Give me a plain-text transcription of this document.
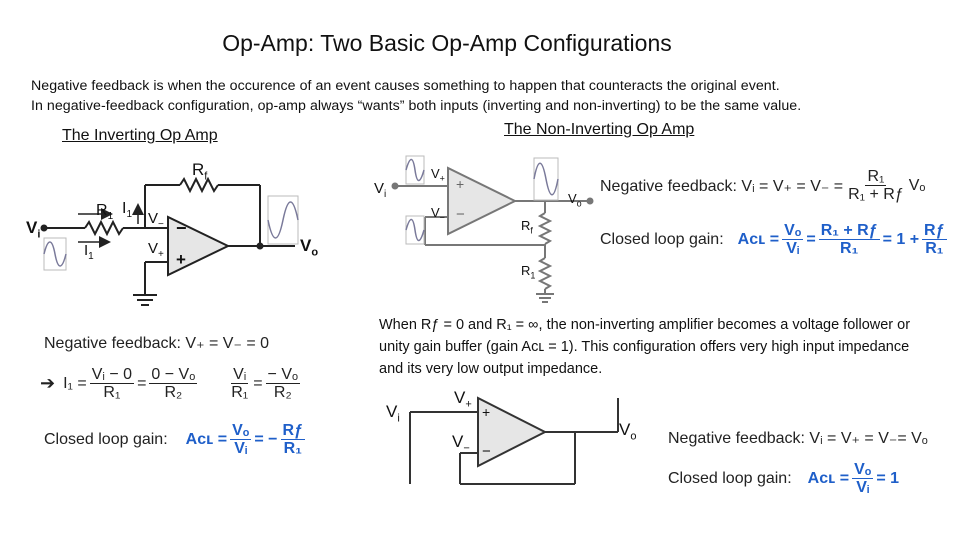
Op-Amp: Two Basic Op-Amp Configurations
Negative feedback is when the occurence of an event causes something to happen that counteracts the original event.
In negative-feedback configuration, op-amp always “wants” both inputs (inverting and non-inverting) to be the same value.
The Inverting Op Amp	The Non-Inverting Op Amp
$R_f$
$R_1$ $I_1$ $V_-$
$V_+$
−
+
$V_i$
$V_o$
$I_1$
Negative feedback: V₊ = V₋ = 0
➔ $I_1 = \frac{\text{Vᵢ − 0}}{\text{R₁}} = \frac{\text{0 − Vₒ}}{\text{R₂}} \frac{\text{Vᵢ}}{\text{R₁}} = \frac{\text{− Vₒ}}{\text{R₂}}$
Closed loop gain: Aᴄʟ = $\frac{\text{Vₒ}}{\text{Vᵢ}}$ = − $\frac{Rƒ}{\text{R₁}}$
$V_i$
$V_+$
$V_-$
+
−
$V_o$
$R_f$
$R_1$
Negative feedback: Vᵢ = $V_+ = V_- = \frac{\text{R₁}}{\text{R₁ + Rƒ}}$ Vₒ
Closed loop gain: Aᴄʟ = $\frac{\text{Vₒ}}{\text{Vᵢ}} = \frac{\text{R₁ + Rƒ}}{\text{R₁}} = 1 + \frac{Rƒ}{\text{R₁}}$
When Rƒ = 0 and R₁ = ∞, the non-inverting amplifier becomes a voltage follower or unity gain buffer (gain Aᴄʟ = 1). This configuration offers very high input impedance and its very low output impedance.
$V_i$
$V_+$
$V_-$
+
−
$V_o$ Negative feedback: Vᵢ = V₊ = V₋= Vₒ
Closed loop gain: Aᴄʟ = $\frac{\text{Vₒ}}{\text{Vᵢ}} = 1$
